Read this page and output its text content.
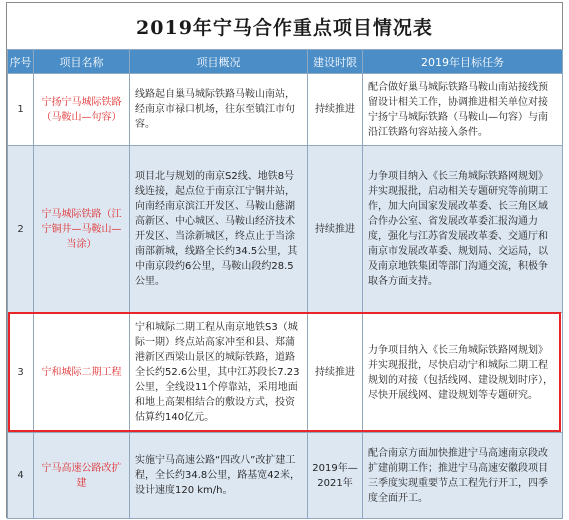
2019年宁马合作重点项目情况表
序号	项目名称	项目概况	建设时限	2019年目标任务
1	宁扬宁马城际铁路（马鞍山—句容）	线路起自巢马城际铁路马鞍山南站，经南京市禄口机场，往东至镇江市句容。	持续推进	配合做好巢马城际铁路马鞍山南站接线预留设计相关工作，协调推进相关单位对接宁扬宁马城际铁路（马鞍山—句容）与南沿江铁路句容站接入条件。
2	宁马城际铁路（江宁铜井—马鞍山—当涂）	项目北与规划的南京S2线、地铁8号线连接，起点位于南京江宁铜井站，向南经南京滨江开发区、马鞍山慈湖高新区、中心城区、马鞍山经济技术开发区、当涂新城区，终点止于当涂南部新城，线路全长约34.5公里，其中南京段约6公里，马鞍山段约28.5公里。	持续推进	力争项目纳入《长三角城际铁路网规划》并实现报批，启动相关专题研究等前期工作，加大向国家发展改革委、长三角区域合作办公室、省发展改革委汇报沟通力度，强化与江苏省发展改革委、交通厅和南京市发展改革委、规划局、交运局，以及南京地铁集团等部门沟通交流，积极争取各方面支持。
3	宁和城际二期工程	宁和城际二期工程从南京地铁S3（城际一期）终点站高家冲至和县、郑蒲港新区西梁山景区的城际铁路，道路全长约52.6公里，其中江苏段长7.23公里，全线设11个停靠站，采用地面和地上高架相结合的敷设方式，投资估算约140亿元。	持续推进	力争项目纳入《长三角城际铁路网规划》并实现报批，尽快启动宁和城际二期工程规划的对接（包括线网、建设规划时序），尽快开展线网、建设规划等专题研究。
4	宁马高速公路改扩建	实施宁马高速公路“四改八”改扩建工程，全长约34.8公里，路基宽42米，设计速度120 km/h。	2019年—2021年	配合南京方面加快推进宁马高速南京段改扩建前期工作；推进宁马高速安徽段项目三季度实现重要节点工程先行开工，四季度全面开工。
